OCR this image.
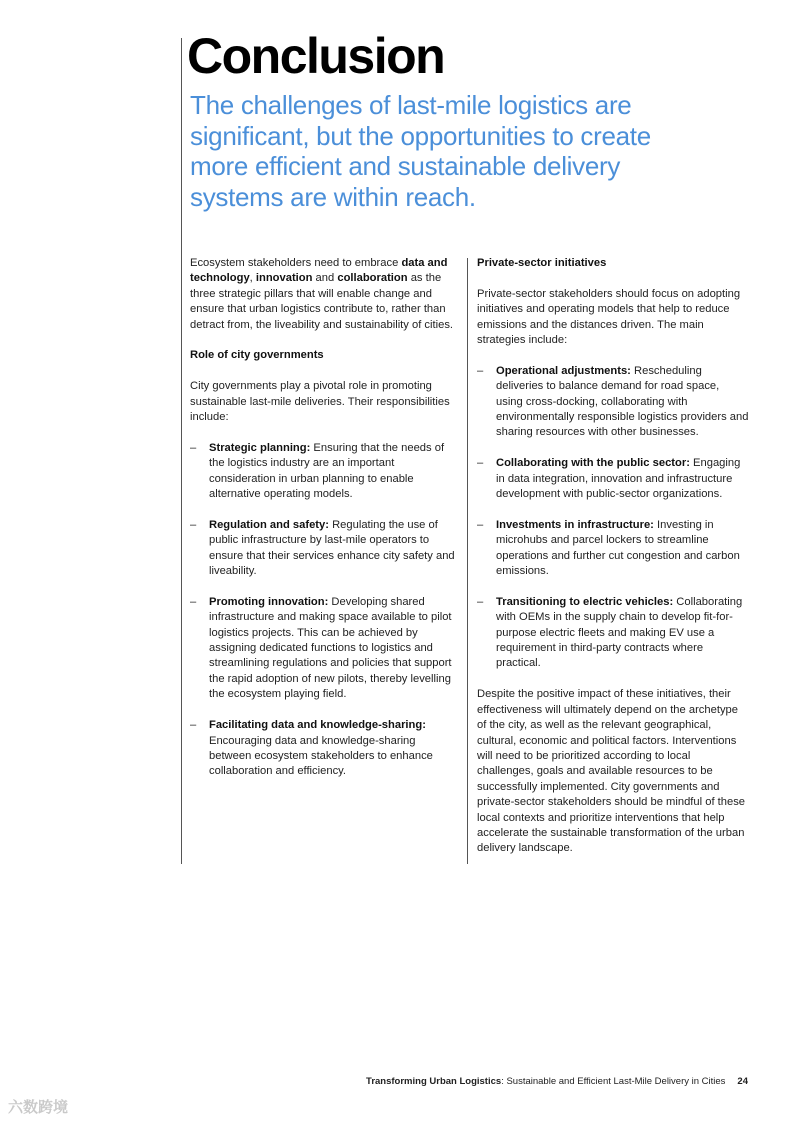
Conclusion

The challenges of last-mile logistics are significant, but the opportunities to create more efficient and sustainable delivery systems are within reach.

Ecosystem stakeholders need to embrace data and technology, innovation and collaboration as the three strategic pillars that will enable change and ensure that urban logistics contribute to, rather than detract from, the liveability and sustainability of cities.

Role of city governments

City governments play a pivotal role in promoting sustainable last-mile deliveries. Their responsibilities include:

– Strategic planning: Ensuring that the needs of the logistics industry are an important consideration in urban planning to enable alternative operating models.
– Regulation and safety: Regulating the use of public infrastructure by last-mile operators to ensure that their services enhance city safety and liveability.
– Promoting innovation: Developing shared infrastructure and making space available to pilot logistics projects. This can be achieved by assigning dedicated functions to logistics and streamlining regulations and policies that support the rapid adoption of new pilots, thereby levelling the ecosystem playing field.
– Facilitating data and knowledge-sharing: Encouraging data and knowledge-sharing between ecosystem stakeholders to enhance collaboration and efficiency.
Private-sector initiatives

Private-sector stakeholders should focus on adopting initiatives and operating models that help to reduce emissions and the distances driven. The main strategies include:

– Operational adjustments: Rescheduling deliveries to balance demand for road space, using cross-docking, collaborating with environmentally responsible logistics providers and sharing resources with other businesses.
– Collaborating with the public sector: Engaging in data integration, innovation and infrastructure development with public-sector organizations.
– Investments in infrastructure: Investing in microhubs and parcel lockers to streamline operations and further cut congestion and carbon emissions.
– Transitioning to electric vehicles: Collaborating with OEMs in the supply chain to develop fit-for-purpose electric fleets and making EV use a requirement in third-party contracts where practical.

Despite the positive impact of these initiatives, their effectiveness will ultimately depend on the archetype of the city, as well as the relevant geographical, cultural, economic and political factors. Interventions will need to be prioritized according to local challenges, goals and available resources to be successfully implemented. City governments and private-sector stakeholders should be mindful of these local contexts and prioritize interventions that help accelerate the sustainable transformation of the urban delivery landscape.

Transforming Urban Logistics: Sustainable and Efficient Last-Mile Delivery in Cities 24
六数跨境
